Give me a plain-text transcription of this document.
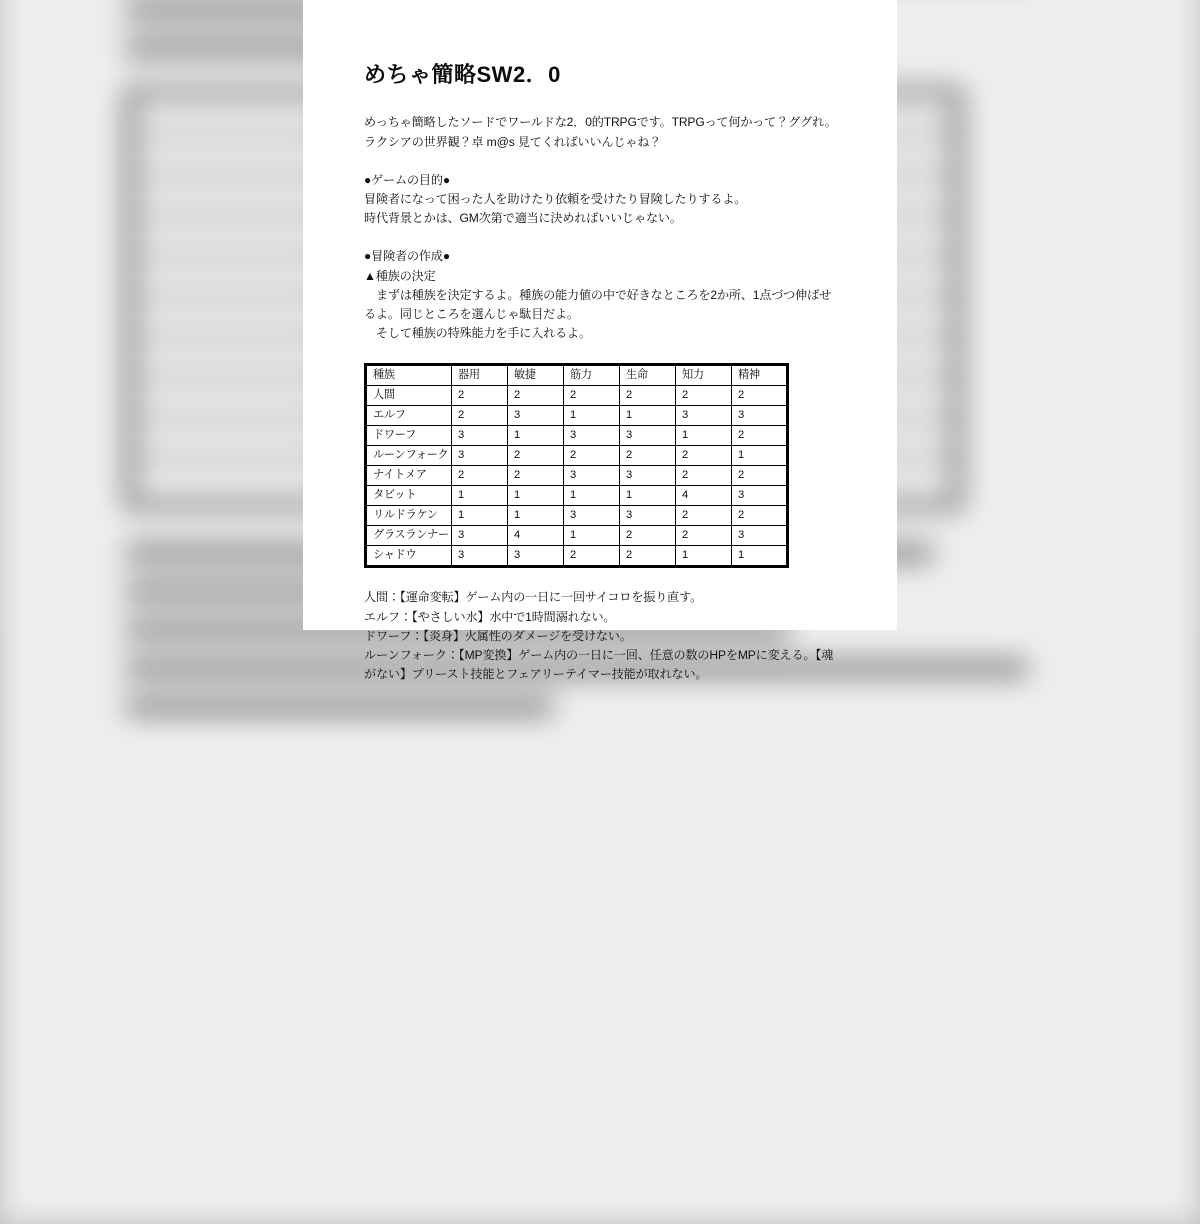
めちゃ簡略SW2．0

めっちゃ簡略したソードでワールドな2．0的TRPGです。TRPGって何かって？ググれ。

ラクシアの世界観？卓 m@s 見てくればいいんじゃね？

●ゲームの目的●

冒険者になって困った人を助けたり依頼を受けたり冒険したりするよ。

時代背景とかは、GM次第で適当に決めればいいじゃない。

●冒険者の作成●

▲種族の決定

　まずは種族を決定するよ。種族の能力値の中で好きなところを2か所、1点づつ伸ばせるよ。同じところを選んじゃ駄目だよ。

　そして種族の特殊能力を手に入れるよ。

種族	器用	敏捷	筋力	生命	知力	精神
人間	2	2	2	2	2	2
エルフ	2	3	1	1	3	3
ドワーフ	3	1	3	3	1	2
ルーンフォーク	3	2	2	2	2	1
ナイトメア	2	2	3	3	2	2
タビット	1	1	1	1	4	3
リルドラケン	1	1	3	3	2	2
グラスランナー	3	4	1	2	2	3
シャドウ	3	3	2	2	1	1

人間：【運命変転】ゲーム内の一日に一回サイコロを振り直す。

エルフ：【やさしい水】水中で1時間溺れない。

ドワーフ：【炎身】火属性のダメージを受けない。

ルーンフォーク：【MP変換】ゲーム内の一日に一回、任意の数のHPをMPに変える。【魂がない】プリースト技能とフェアリーテイマー技能が取れない。
